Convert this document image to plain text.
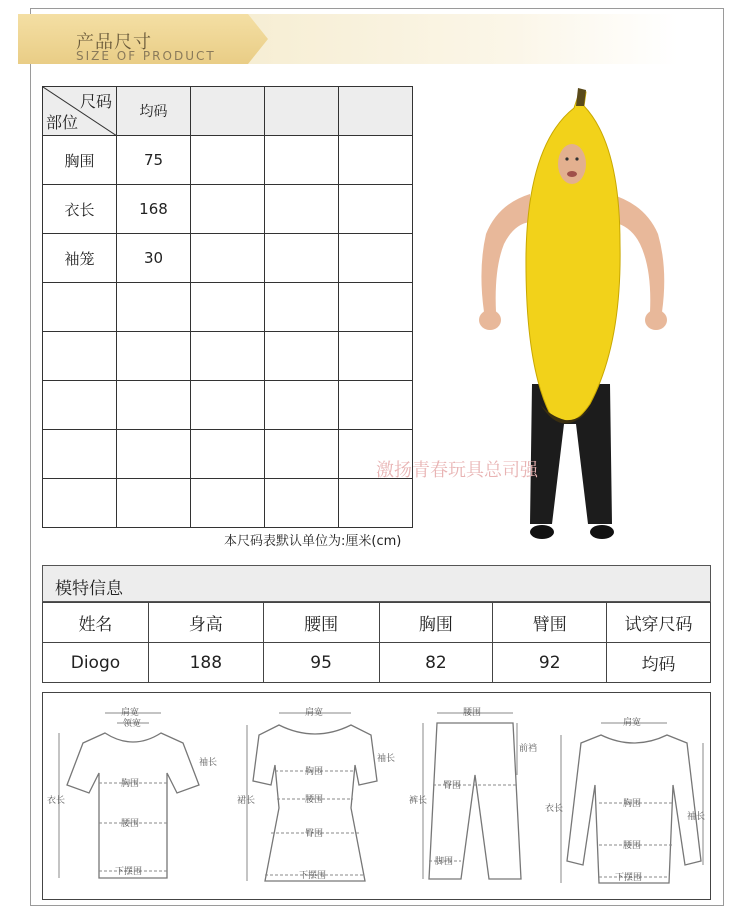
产品尺寸
SIZE OF PRODUCT
尺码
部位	均码			
胸围	75			
衣长	168			
袖笼	30			

本尺码表默认单位为:厘米(cm)
激扬青春玩具总司强
模特信息
姓名	身高	腰围	胸围	臂围	试穿尺码
Diogo	188	95	82	92	均码
肩宽
领宽
袖长
胸围
衣长
腰围
下摆围
肩宽
袖长
胸围
裙长	腰围
臀围
下摆围
腰围
前裆
臀围
裤长
脚围
肩宽
衣长	胸围
袖长
腰围
下摆围
